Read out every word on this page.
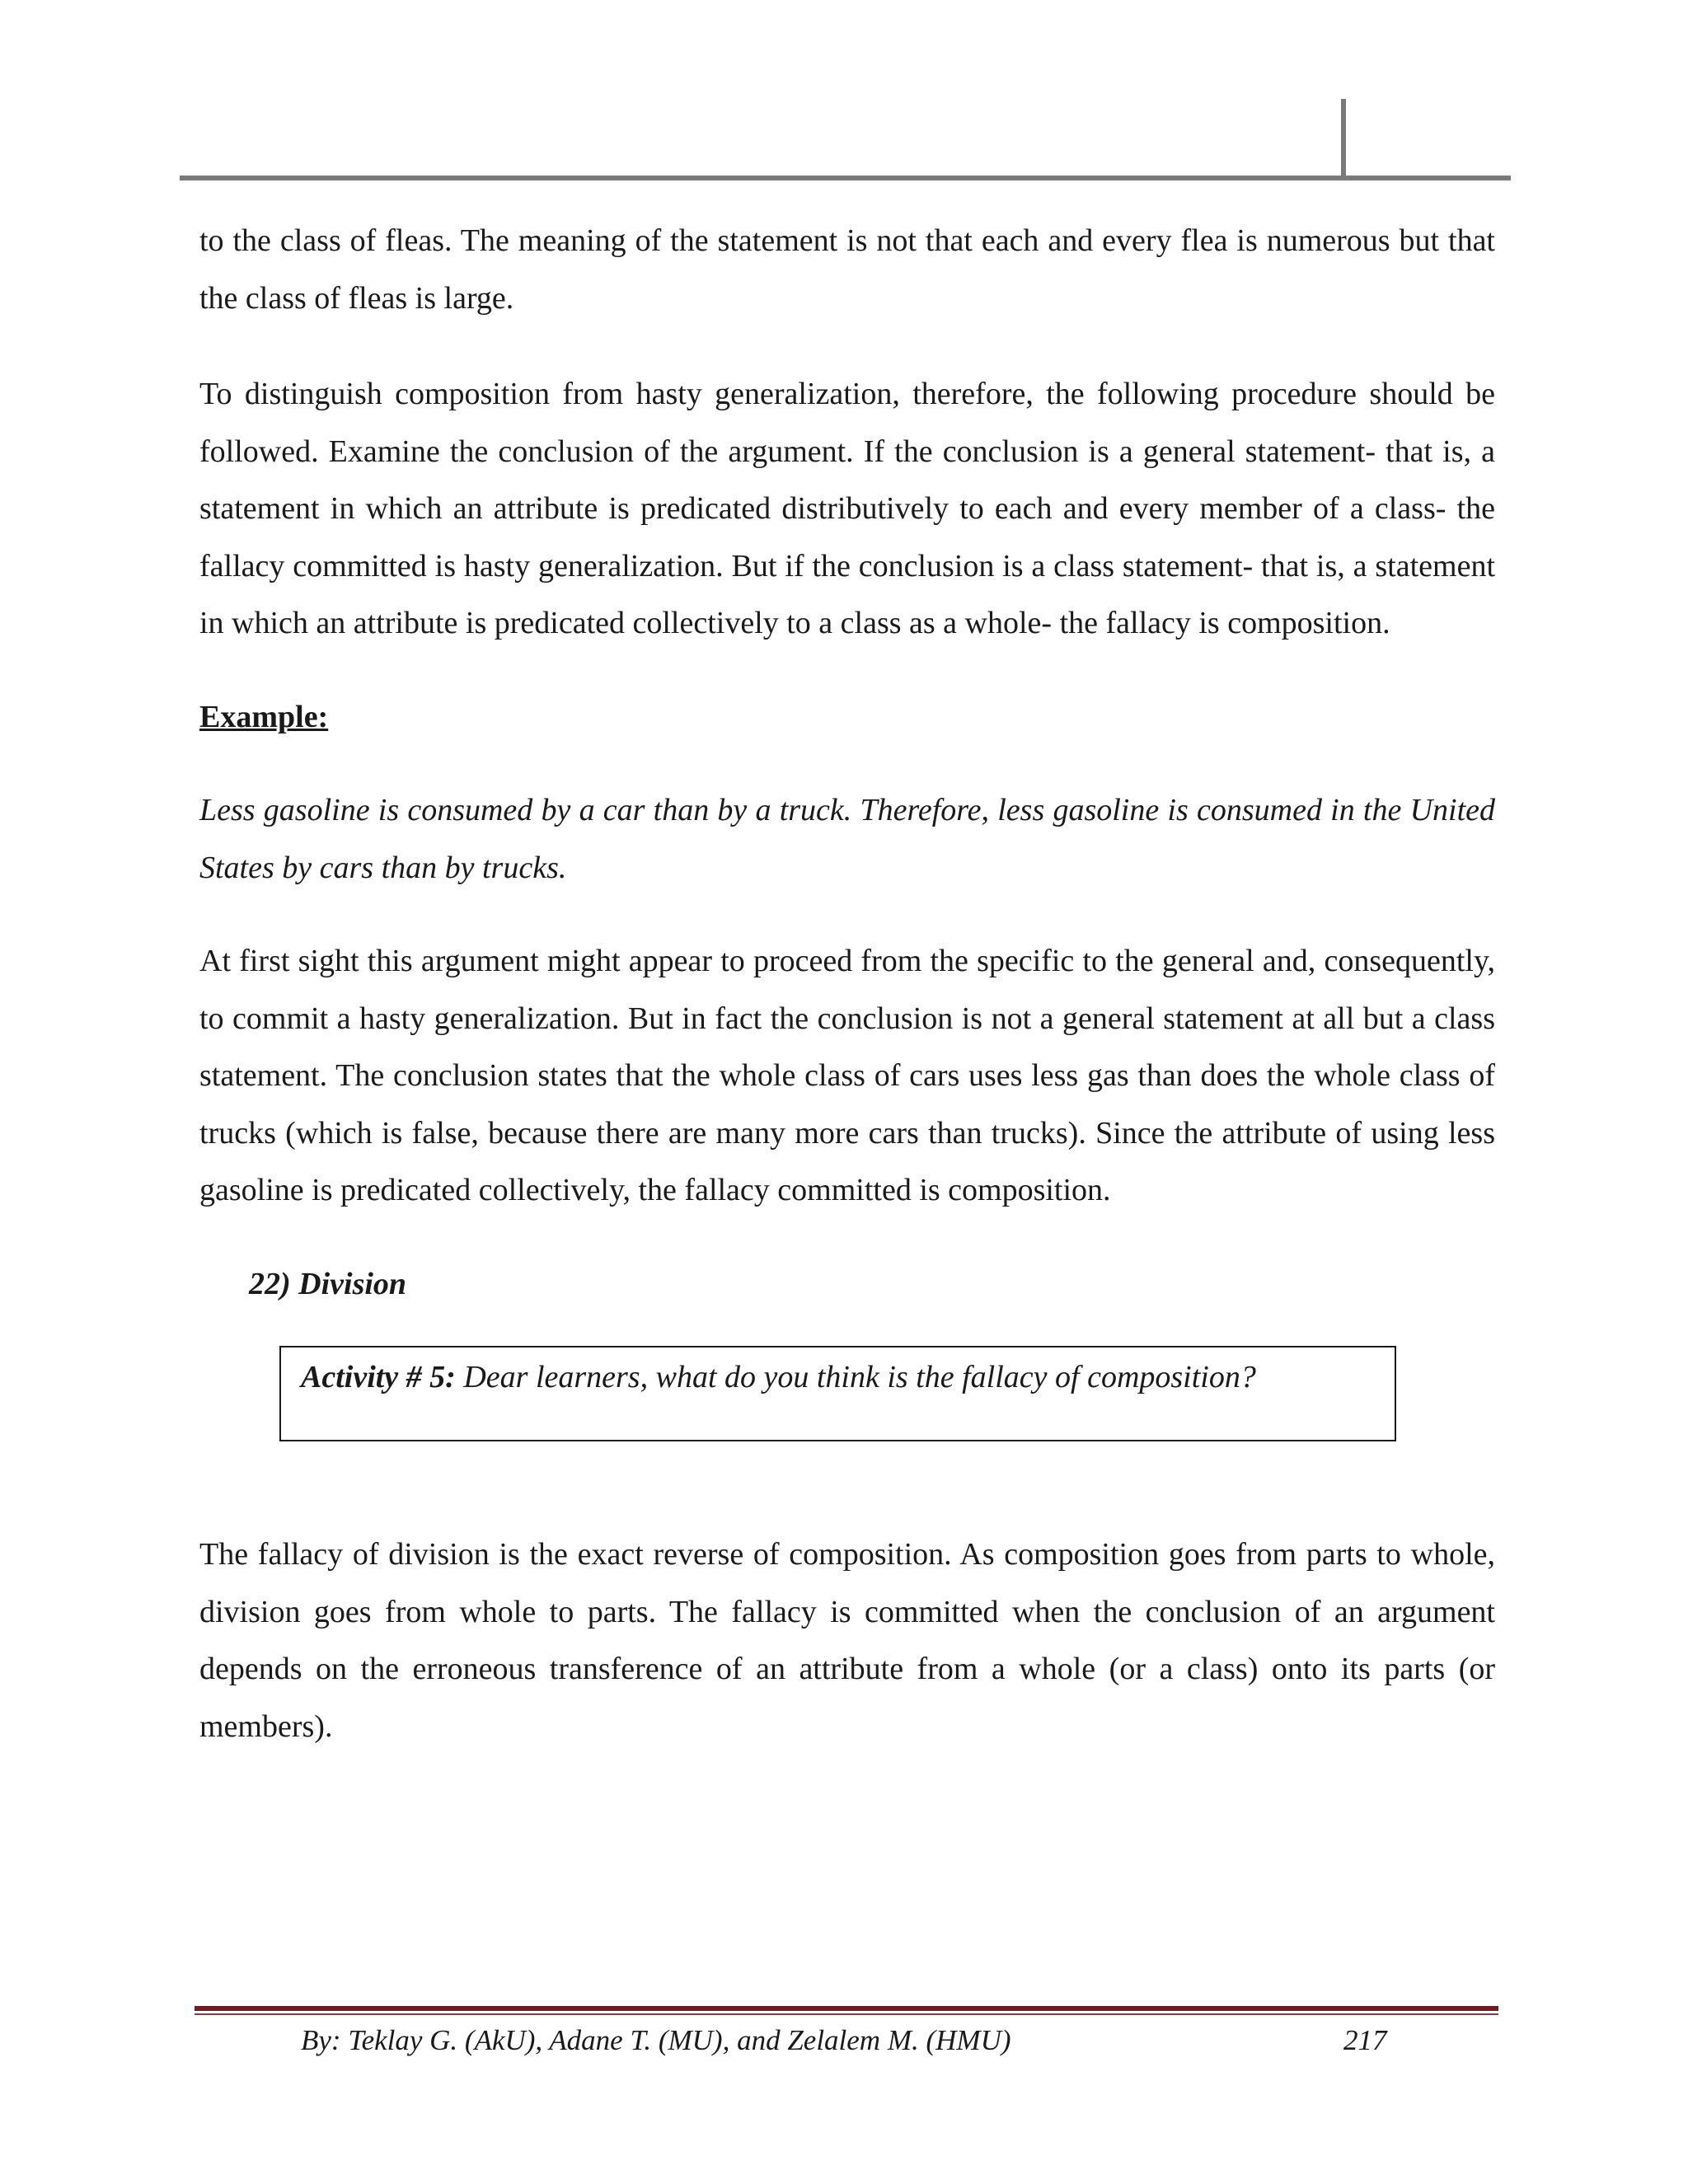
to the class of fleas. The meaning of the statement is not that each and every flea is numerous but that the class of fleas is large.

To distinguish composition from hasty generalization, therefore, the following procedure should be followed. Examine the conclusion of the argument. If the conclusion is a general statement- that is, a statement in which an attribute is predicated distributively to each and every member of a class- the fallacy committed is hasty generalization. But if the conclusion is a class statement- that is, a statement in which an attribute is predicated collectively to a class as a whole- the fallacy is composition.

Example:

Less gasoline is consumed by a car than by a truck. Therefore, less gasoline is consumed in the United States by cars than by trucks.

At first sight this argument might appear to proceed from the specific to the general and, consequently, to commit a hasty generalization. But in fact the conclusion is not a general statement at all but a class statement. The conclusion states that the whole class of cars uses less gas than does the whole class of trucks (which is false, because there are many more cars than trucks). Since the attribute of using less gasoline is predicated collectively, the fallacy committed is composition.

22) Division

Activity # 5: Dear learners, what do you think is the fallacy of composition?

The fallacy of division is the exact reverse of composition. As composition goes from parts to whole, division goes from whole to parts. The fallacy is committed when the conclusion of an argument depends on the erroneous transference of an attribute from a whole (or a class) onto its parts (or members).

By: Teklay G. (AkU), Adane T. (MU), and Zelalem M. (HMU)	217
